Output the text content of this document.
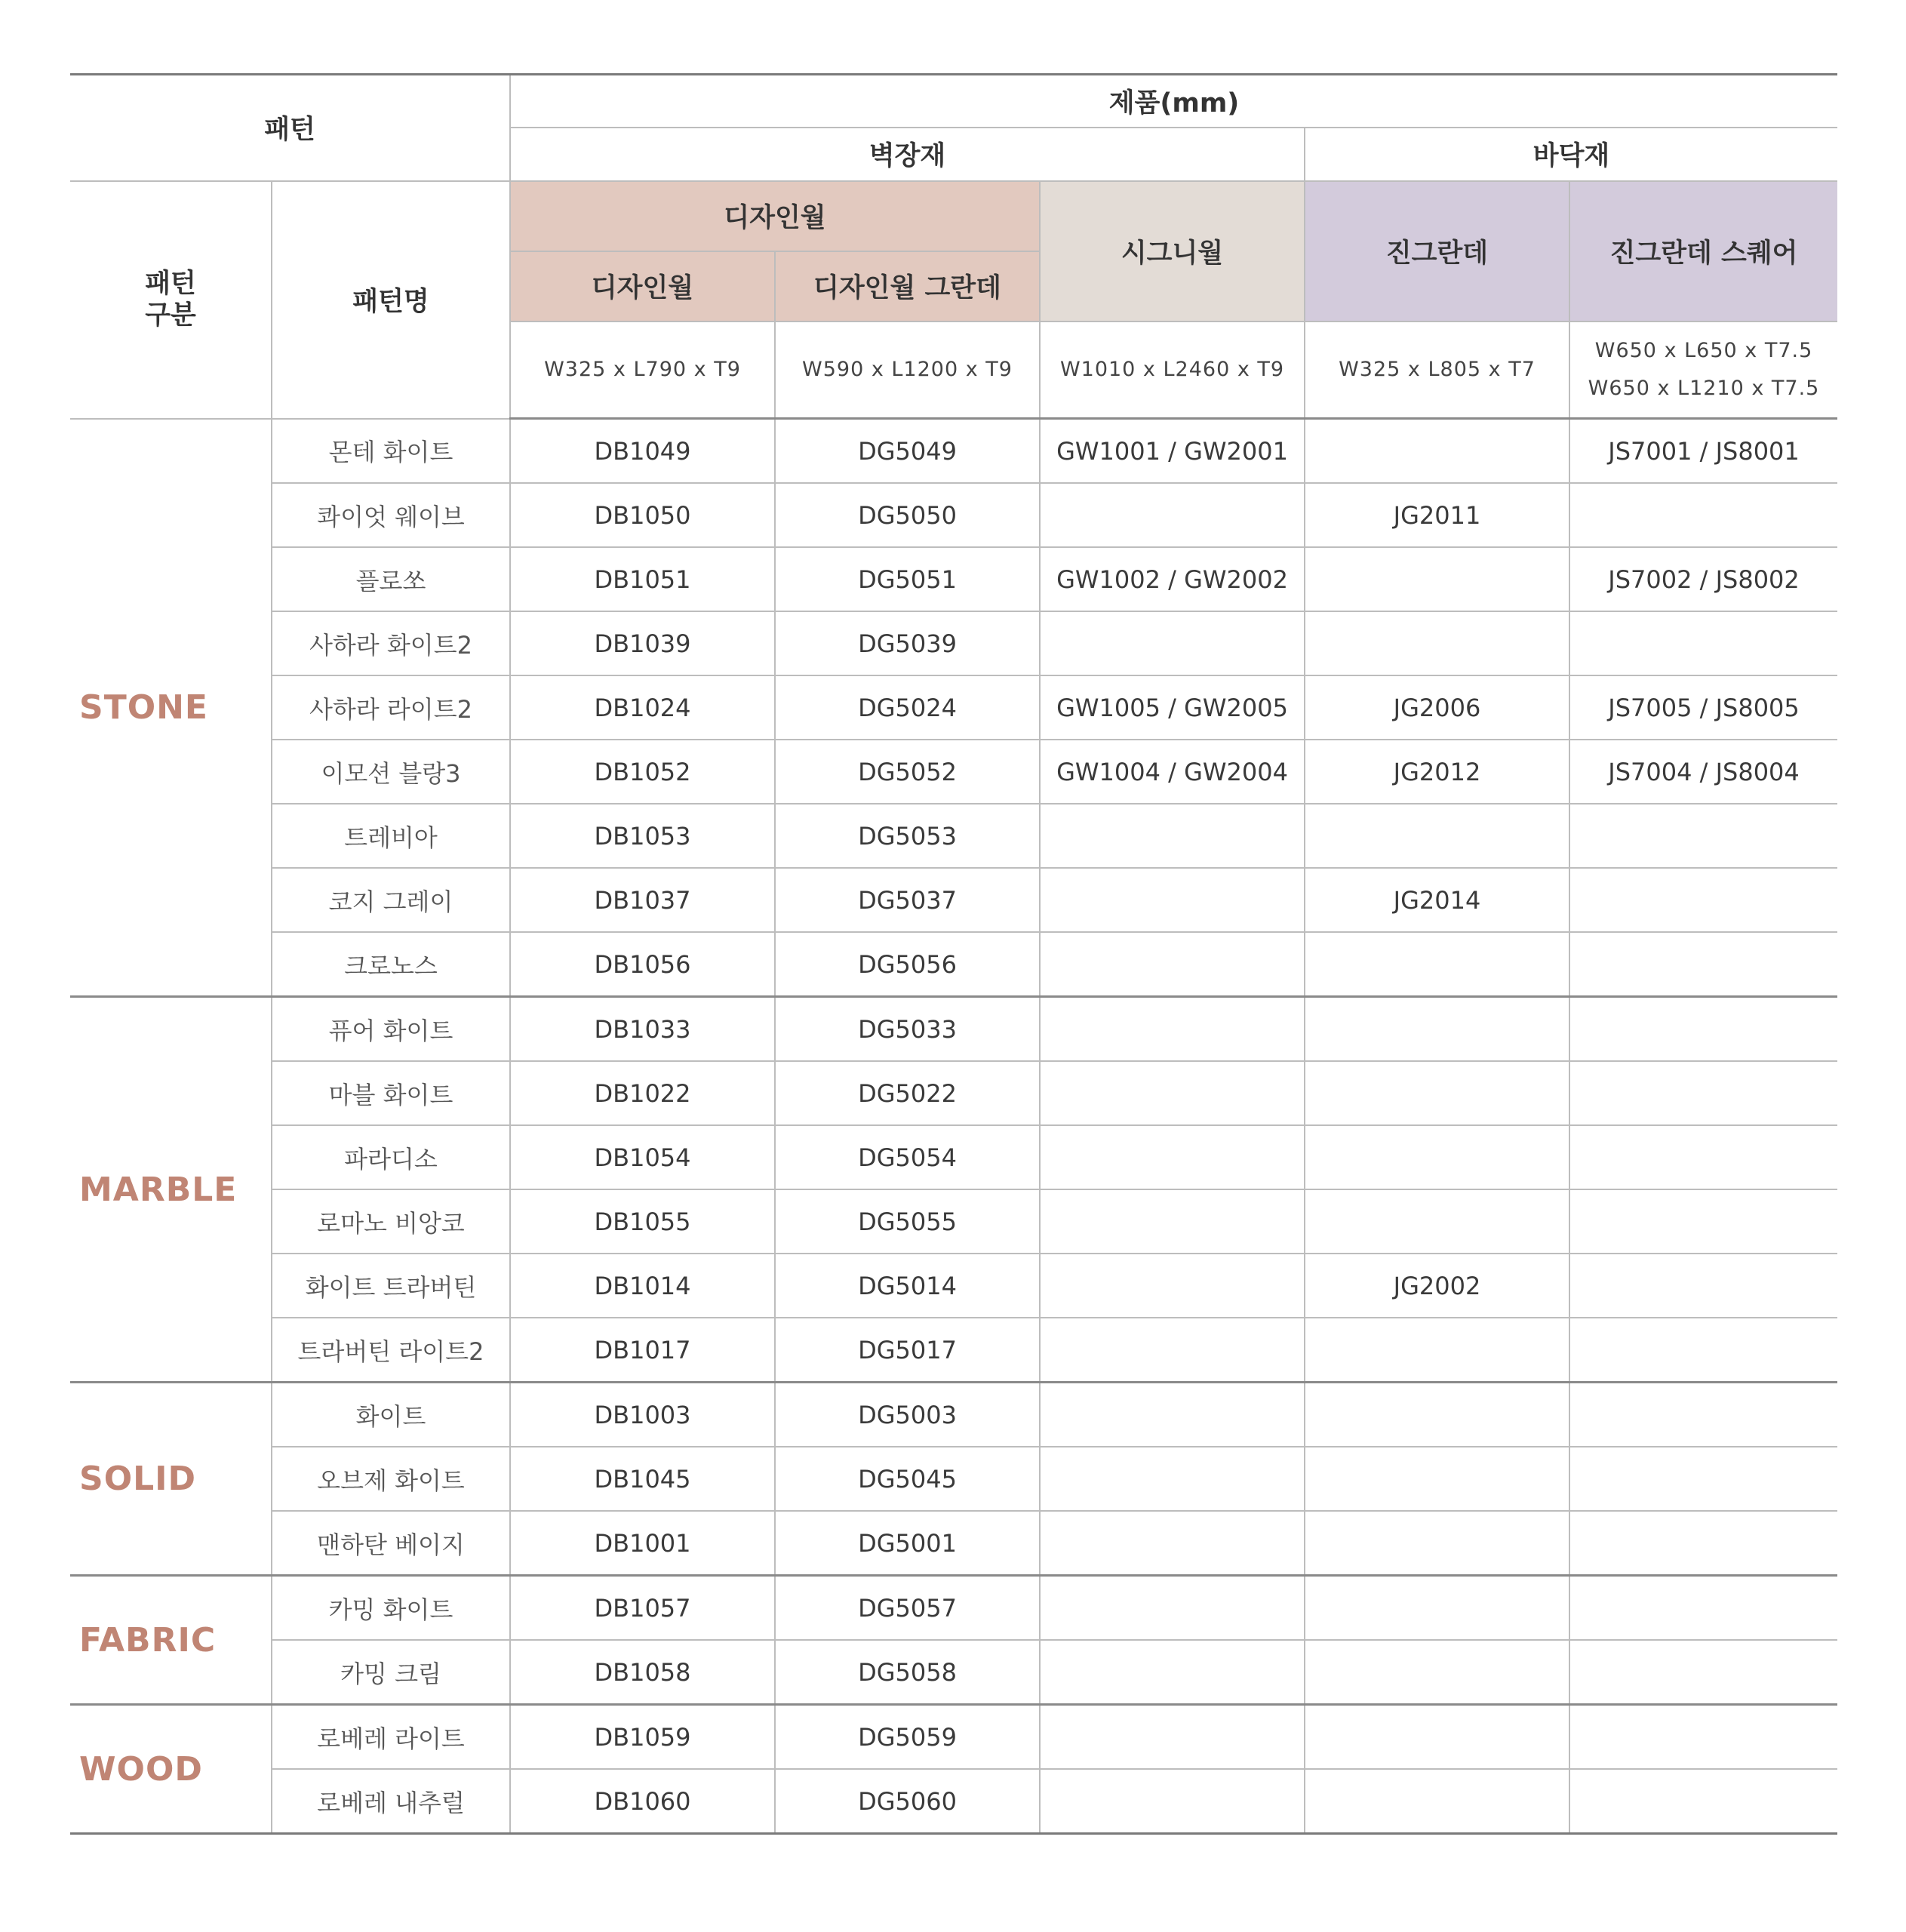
패턴		제품(mm)				
		벽장재			바닥재	
패턴
구분	패턴명	디자인월		시그니월	진그란데	진그란데 스퀘어
		디자인월	디자인월 그란데			
		W325 x L790 x T9	W590 x L1200 x T9	W1010 x L2460 x T9	W325 x L805 x T7	W650 x L650 x T7.5
W650 x L1210 x T7.5

STONE	몬테 화이트	DB1049	DG5049	GW1001 / GW2001		JS7001 / JS8001
	콰이엇 웨이브	DB1050	DG5050		JG2011	
	플로쏘	DB1051	DG5051	GW1002 / GW2002		JS7002 / JS8002
	사하라 화이트2	DB1039	DG5039			
	사하라 라이트2	DB1024	DG5024	GW1005 / GW2005	JG2006	JS7005 / JS8005
	이모션 블랑3	DB1052	DG5052	GW1004 / GW2004	JG2012	JS7004 / JS8004
	트레비아	DB1053	DG5053			
	코지 그레이	DB1037	DG5037		JG2014	
	크로노스	DB1056	DG5056			
MARBLE	퓨어 화이트	DB1033	DG5033			
	마블 화이트	DB1022	DG5022			
	파라디소	DB1054	DG5054			
	로마노 비앙코	DB1055	DG5055			
	화이트 트라버틴	DB1014	DG5014		JG2002	
	트라버틴 라이트2	DB1017	DG5017			
SOLID	화이트	DB1003	DG5003			
	오브제 화이트	DB1045	DG5045			
	맨하탄 베이지	DB1001	DG5001			
FABRIC	카밍 화이트	DB1057	DG5057			
	카밍 크림	DB1058	DG5058			
WOOD	로베레 라이트	DB1059	DG5059			
	로베레 내추럴	DB1060	DG5060			
